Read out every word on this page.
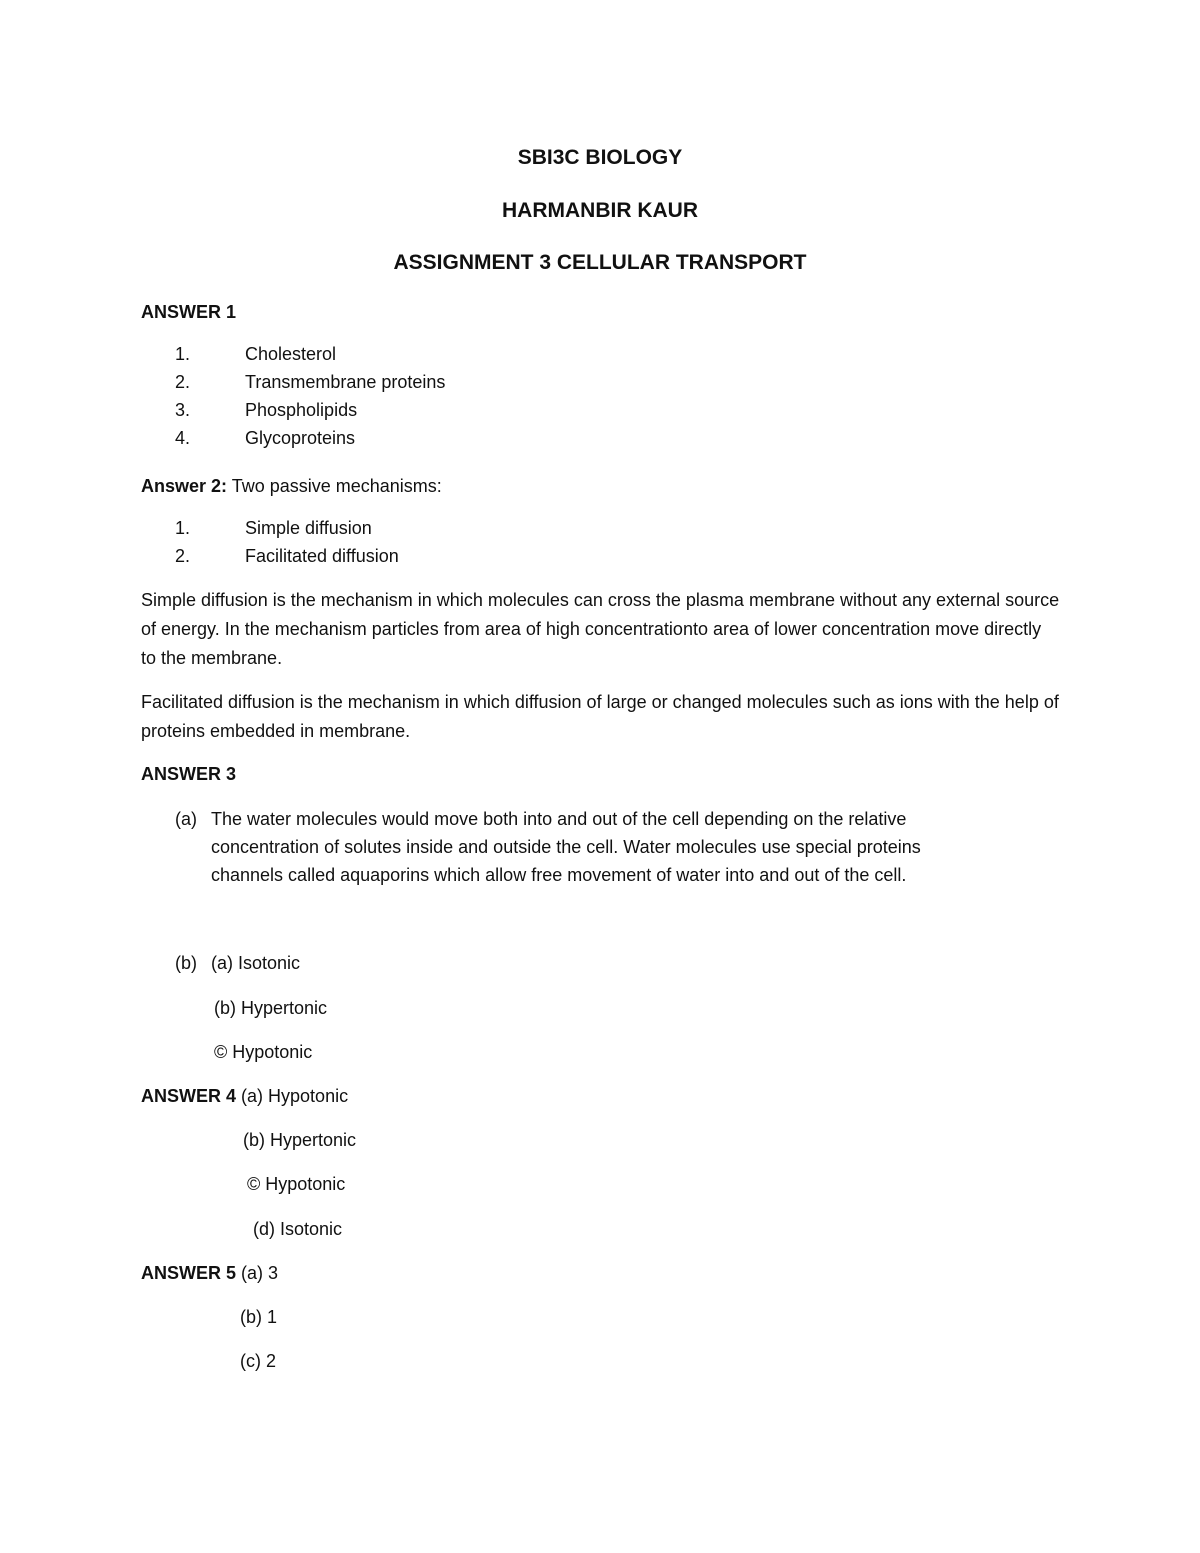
SBI3C BIOLOGY
HARMANBIR KAUR
ASSIGNMENT 3 CELLULAR TRANSPORT
ANSWER 1
1.	Cholesterol
2.	Transmembrane proteins
3.	Phospholipids
4.	Glycoproteins
Answer 2: Two passive mechanisms:
1.	Simple diffusion
2.	Facilitated diffusion
Simple diffusion is the mechanism in which molecules can cross the plasma membrane without any external source of energy. In the mechanism particles from area of high concentrationto area of lower concentration move directly to the membrane.
Facilitated diffusion is the mechanism in which diffusion of large or changed molecules such as ions with the help of proteins embedded in membrane.
ANSWER 3
(a) The water molecules would move both into and out of the cell depending on the relative
concentration of solutes inside and outside the cell. Water molecules use special proteins
channels called aquaporins which allow free movement of water into and out of the cell.
(b) (a) Isotonic
(b) Hypertonic
© Hypotonic
ANSWER 4 (a) Hypotonic
(b) Hypertonic
© Hypotonic
(d) Isotonic
ANSWER 5 (a) 3
(b) 1
(c) 2
